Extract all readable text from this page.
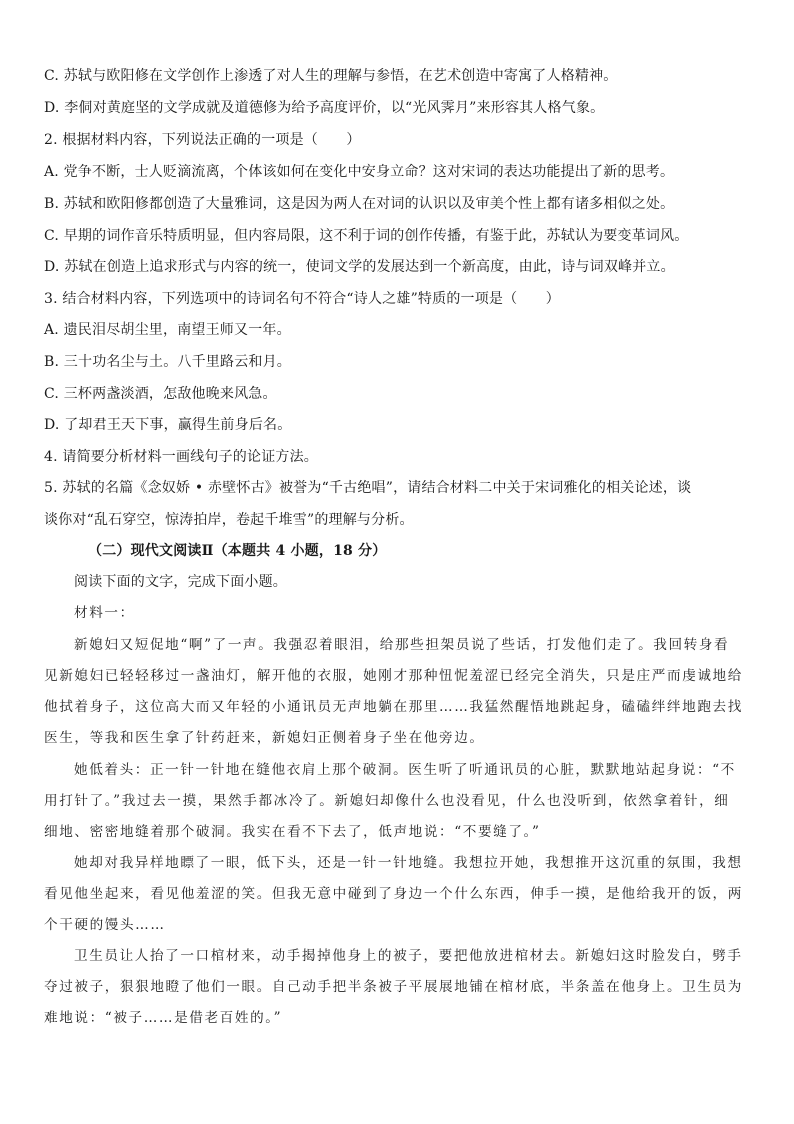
C. 苏轼与欧阳修在文学创作上渗透了对人生的理解与参悟，在艺术创造中寄寓了人格精神。
D. 李侗对黄庭坚的文学成就及道德修为给予高度评价，以“光风霁月”来形容其人格气象。
2. 根据材料内容，下列说法正确的一项是（　　）
A. 党争不断，士人贬滴流离，个体该如何在变化中安身立命？这对宋词的表达功能提出了新的思考。
B. 苏轼和欧阳修都创造了大量雅词，这是因为两人在对词的认识以及审美个性上都有诸多相似之处。
C. 早期的词作音乐特质明显，但内容局限，这不利于词的创作传播，有鉴于此，苏轼认为要变革词风。
D. 苏轼在创造上追求形式与内容的统一，使词文学的发展达到一个新高度，由此，诗与词双峰并立。
3. 结合材料内容，下列选项中的诗词名句不符合“诗人之雄”特质的一项是（　　）
A. 遗民泪尽胡尘里，南望王师又一年。
B. 三十功名尘与土。八千里路云和月。
C. 三杯两盏淡酒，怎敌他晚来风急。
D. 了却君王天下事，赢得生前身后名。
4. 请简要分析材料一画线句子的论证方法。
5. 苏轼的名篇《念奴娇 • 赤壁怀古》被誉为“千古绝唱”，请结合材料二中关于宋词雅化的相关论述，谈
谈你对“乱石穿空，惊涛拍岸，卷起千堆雪”的理解与分析。
（二）现代文阅读Ⅱ（本题共 4 小题，18 分）
阅读下面的文字，完成下面小题。
材料一：
新媳妇又短促地“啊”了一声。我强忍着眼泪，给那些担架员说了些话，打发他们走了。我回转身看
见新媳妇已轻轻移过一盏油灯，解开他的衣服，她刚才那种忸怩羞涩已经完全消失，只是庄严而虔诚地给
他拭着身子，这位高大而又年轻的小通讯员无声地躺在那里……我猛然醒悟地跳起身，磕磕绊绊地跑去找
医生，等我和医生拿了针药赶来，新媳妇正侧着身子坐在他旁边。
她低着头：正一针一针地在缝他衣肩上那个破洞。医生听了听通讯员的心脏，默默地站起身说：“不
用打针了。”我过去一摸，果然手都冰冷了。新媳妇却像什么也没看见，什么也没听到，依然拿着针，细
细地、密密地缝着那个破洞。我实在看不下去了，低声地说：“不要缝了。”
她却对我异样地瞟了一眼，低下头，还是一针一针地缝。我想拉开她，我想推开这沉重的氛围，我想
看见他坐起来，看见他羞涩的笑。但我无意中碰到了身边一个什么东西，伸手一摸，是他给我开的饭，两
个干硬的馒头……
卫生员让人抬了一口棺材来，动手揭掉他身上的被子，要把他放进棺材去。新媳妇这时脸发白，劈手
夺过被子，狠狠地瞪了他们一眼。自己动手把半条被子平展展地铺在棺材底，半条盖在他身上。卫生员为
难地说：“被子……是借老百姓的。”
